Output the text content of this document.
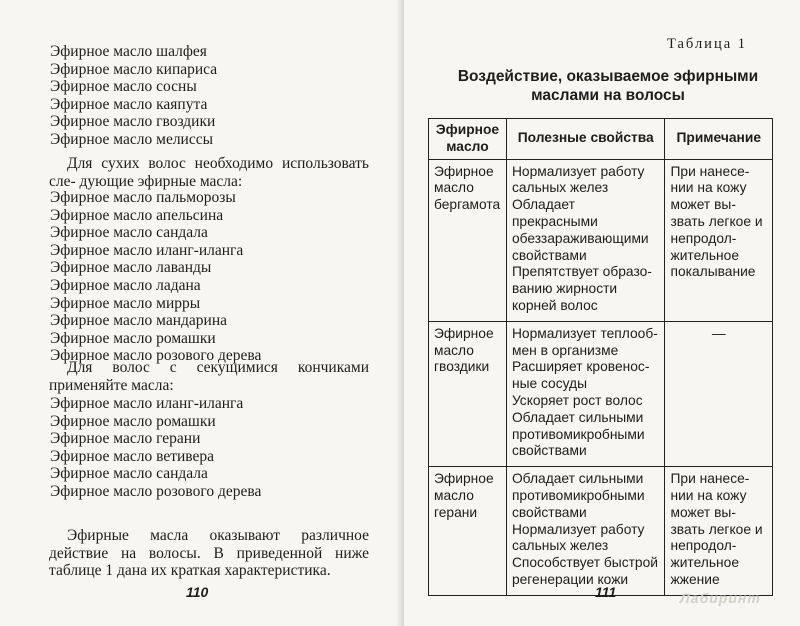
Эфирное масло шалфея
Эфирное масло кипариса
Эфирное масло сосны
Эфирное масло каяпута
Эфирное масло гвоздики
Эфирное масло мелиссы

Для сухих волос необходимо использовать сле- дующие эфирные масла:

Эфирное масло пальморозы
Эфирное масло апельсина
Эфирное масло сандала
Эфирное масло иланг-иланга
Эфирное масло лаванды
Эфирное масло ладана
Эфирное масло мирры
Эфирное масло мандарина
Эфирное масло ромашки
Эфирное масло розового дерева

Для волос с секущимися кончиками применяйте масла:

Эфирное масло иланг-иланга
Эфирное масло ромашки
Эфирное масло герани
Эфирное масло ветивера
Эфирное масло сандала
Эфирное масло розового дерева

Эфирные масла оказывают различное действие на волосы. В приведенной ниже таблице 1 дана их краткая характеристика.

110
Таблица 1
Воздействие, оказываемое эфирными маслами на волосы
Эфирное масло	Полезные свойства	Примечание
Эфирное масло бергамота	Нормализует работу сальных желез
Обладает прекрасными обеззараживающими свойствами
Препятствует образо- ванию жирности корней волос	При нанесе- нии на кожу может вы- звать легкое и непродол- жительное покалывание
Эфирное масло гвоздики	Нормализует теплооб- мен в организме
Расширяет кровенос- ные сосуды
Ускоряет рост волос
Обладает сильными противомикробными свойствами	—

Эфирное масло герани	Обладает сильными противомикробными свойствами
Нормализует работу сальных желез
Способствует быстрой регенерации кожи	При нанесе- нии на кожу может вы- звать легкое и непродол- жительное жжение
111	Лабиринт
